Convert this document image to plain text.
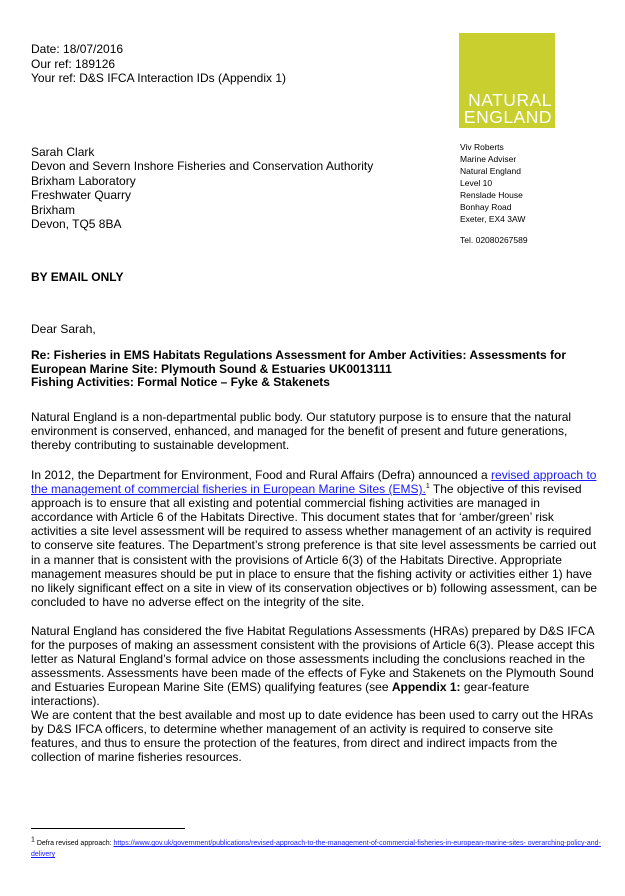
Date: 18/07/2016
Our ref: 189126
Your ref: D&S IFCA Interaction IDs (Appendix 1)
NATURAL
ENGLAND
Sarah Clark
Devon and Severn Inshore Fisheries and Conservation Authority
Brixham Laboratory
Freshwater Quarry
Brixham
Devon, TQ5 8BA
Viv Roberts
Marine Adviser
Natural England
Level 10
Renslade House
Bonhay Road
Exeter, EX4 3AW
Tel. 02080267589
BY EMAIL ONLY
Dear Sarah,
Re: Fisheries in EMS Habitats Regulations Assessment for Amber Activities: Assessments for
European Marine Site: Plymouth Sound & Estuaries UK0013111
Fishing Activities: Formal Notice – Fyke & Stakenets
Natural England is a non-departmental public body. Our statutory purpose is to ensure that the natural environment is conserved, enhanced, and managed for the benefit of present and future generations, thereby contributing to sustainable development.
In 2012, the Department for Environment, Food and Rural Affairs (Defra) announced a revised approach to the management of commercial fisheries in European Marine Sites (EMS).$^1$ The objective of this revised approach is to ensure that all existing and potential commercial fishing activities are managed in accordance with Article 6 of the Habitats Directive. This document states that for ‘amber/green’ risk activities a site level assessment will be required to assess whether management of an activity is required to conserve site features. The Department’s strong preference is that site level assessments be carried out in a manner that is consistent with the provisions of Article 6(3) of the Habitats Directive. Appropriate management measures should be put in place to ensure that the fishing activity or activities either 1) have no likely significant effect on a site in view of its conservation objectives or b) following assessment, can be concluded to have no adverse effect on the integrity of the site.
Natural England has considered the five Habitat Regulations Assessments (HRAs) prepared by D&S IFCA for the purposes of making an assessment consistent with the provisions of Article 6(3). Please accept this letter as Natural England’s formal advice on those assessments including the conclusions reached in the assessments. Assessments have been made of the effects of Fyke and Stakenets on the Plymouth Sound and Estuaries European Marine Site (EMS) qualifying features (see Appendix 1: gear-feature interactions).
We are content that the best available and most up to date evidence has been used to carry out the HRAs by D&S IFCA officers, to determine whether management of an activity is required to conserve site features, and thus to ensure the protection of the features, from direct and indirect impacts from the collection of marine fisheries resources.
$^1$ Defra revised approach: https://www.gov.uk/government/publications/revised-approach-to-the-management-of-commercial-fisheries-in-european-marine-sites- overarching-policy-and-delivery
